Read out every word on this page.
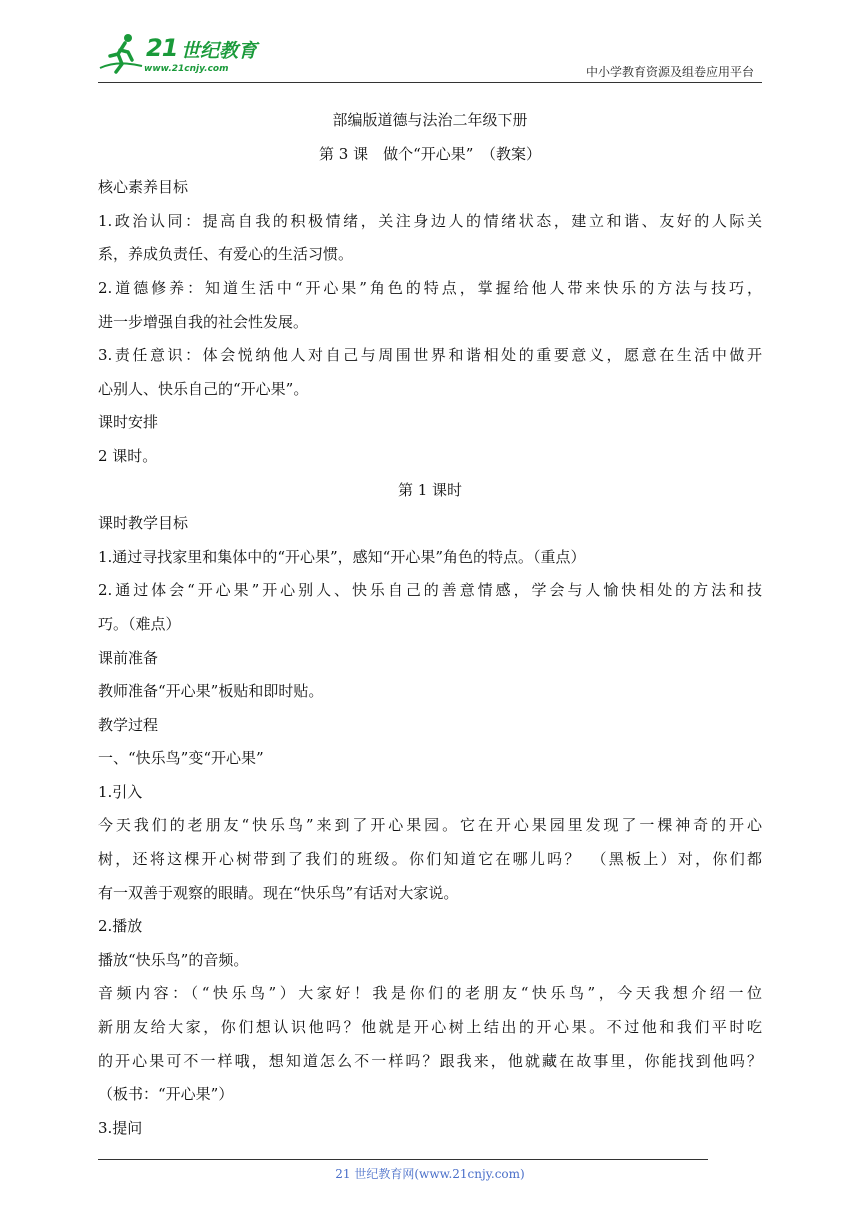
21 世纪教育
www.21cnjy.com	中小学教育资源及组卷应用平台
部编版道德与法治二年级下册
第 3 课　做个“开心果”　（教案）
核心素养目标
1.政治认同：提高自我的积极情绪，关注身边人的情绪状态，建立和谐、友好的人际关
系，养成负责任、有爱心的生活习惯。
2.道德修养：知道生活中“开心果”角色的特点，掌握给他人带来快乐的方法与技巧，
进一步增强自我的社会性发展。
3.责任意识：体会悦纳他人对自己与周围世界和谐相处的重要意义，愿意在生活中做开
心别人、快乐自己的“开心果”。
课时安排
2 课时。
第 1 课时
课时教学目标
1.通过寻找家里和集体中的“开心果”，感知“开心果”角色的特点。（重点）
2.通过体会“开心果”开心别人、快乐自己的善意情感，学会与人愉快相处的方法和技
巧。（难点）
课前准备
教师准备“开心果”板贴和即时贴。
教学过程
一、“快乐鸟”变“开心果”
1.引入
今天我们的老朋友“快乐鸟”来到了开心果园。它在开心果园里发现了一棵神奇的开心
树，还将这棵开心树带到了我们的班级。你们知道它在哪儿吗？　（黑板上）对，你们都
有一双善于观察的眼睛。现在“快乐鸟”有话对大家说。
2.播放
播放“快乐鸟”的音频。
音频内容：（“快乐鸟”）大家好！我是你们的老朋友“快乐鸟”，今天我想介绍一位
新朋友给大家，你们想认识他吗？他就是开心树上结出的开心果。不过他和我们平时吃
的开心果可不一样哦，想知道怎么不一样吗？跟我来，他就藏在故事里，你能找到他吗？
（板书：“开心果”）
3.提问
21 世纪教育网(www.21cnjy.com)
